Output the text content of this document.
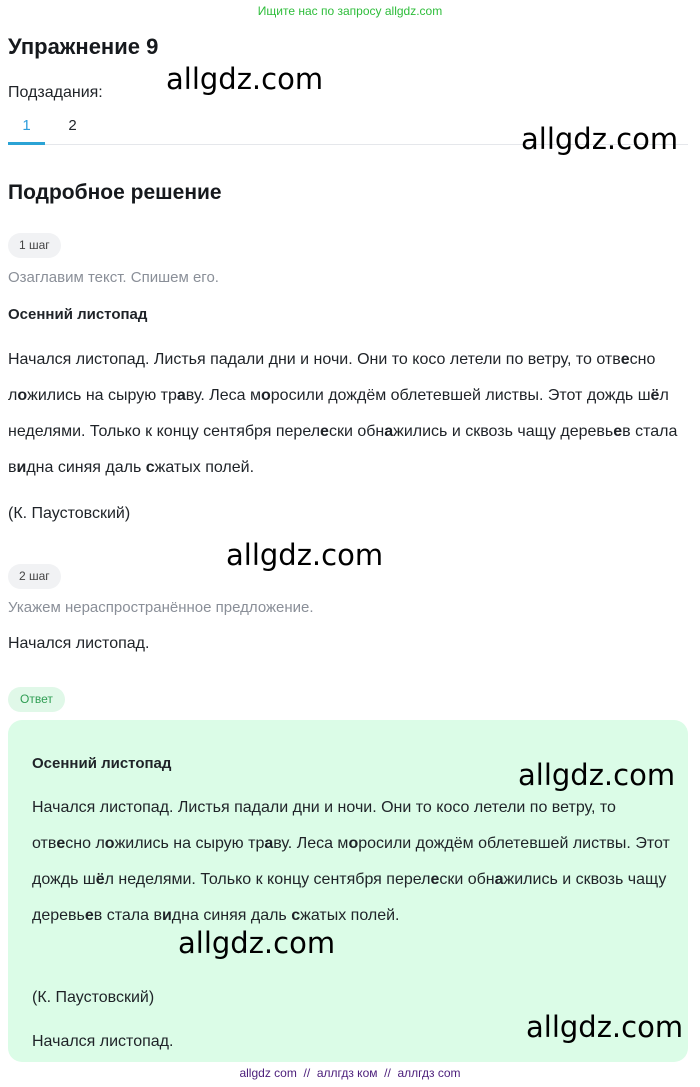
Ищите нас по запросу allgdz.com
Упражнение 9
Подзадания:
1	2
Подробное решение
1 шаг
Озаглавим текст. Спишем его.
Осенний листопад
Начался листопад. Листья падали дни и ночи. Они то косо летели по ветру, то отвесно ложились на сырую траву. Леса моросили дождём облетевшей листвы. Этот дождь шёл неделями. Только к концу сентября перелески обнажились и сквозь чащу деревьев стала видна синяя даль сжатых полей.
(К. Паустовский)
2 шаг
Укажем нераспространённое предложение.
Начался листопад.
Ответ
Осенний листопад
Начался листопад. Листья падали дни и ночи. Они то косо летели по ветру, то отвесно ложились на сырую траву. Леса моросили дождём облетевшей листвы. Этот дождь шёл неделями. Только к концу сентября перелески обнажились и сквозь чащу деревьев стала видна синяя даль сжатых полей.
(К. Паустовский)
Начался листопад.
allgdz.com
allgdz.com
allgdz.com
allgdz.com
allgdz.com
allgdz.com
allgdz com  //  аллгдз ком  //  аллгдз com
